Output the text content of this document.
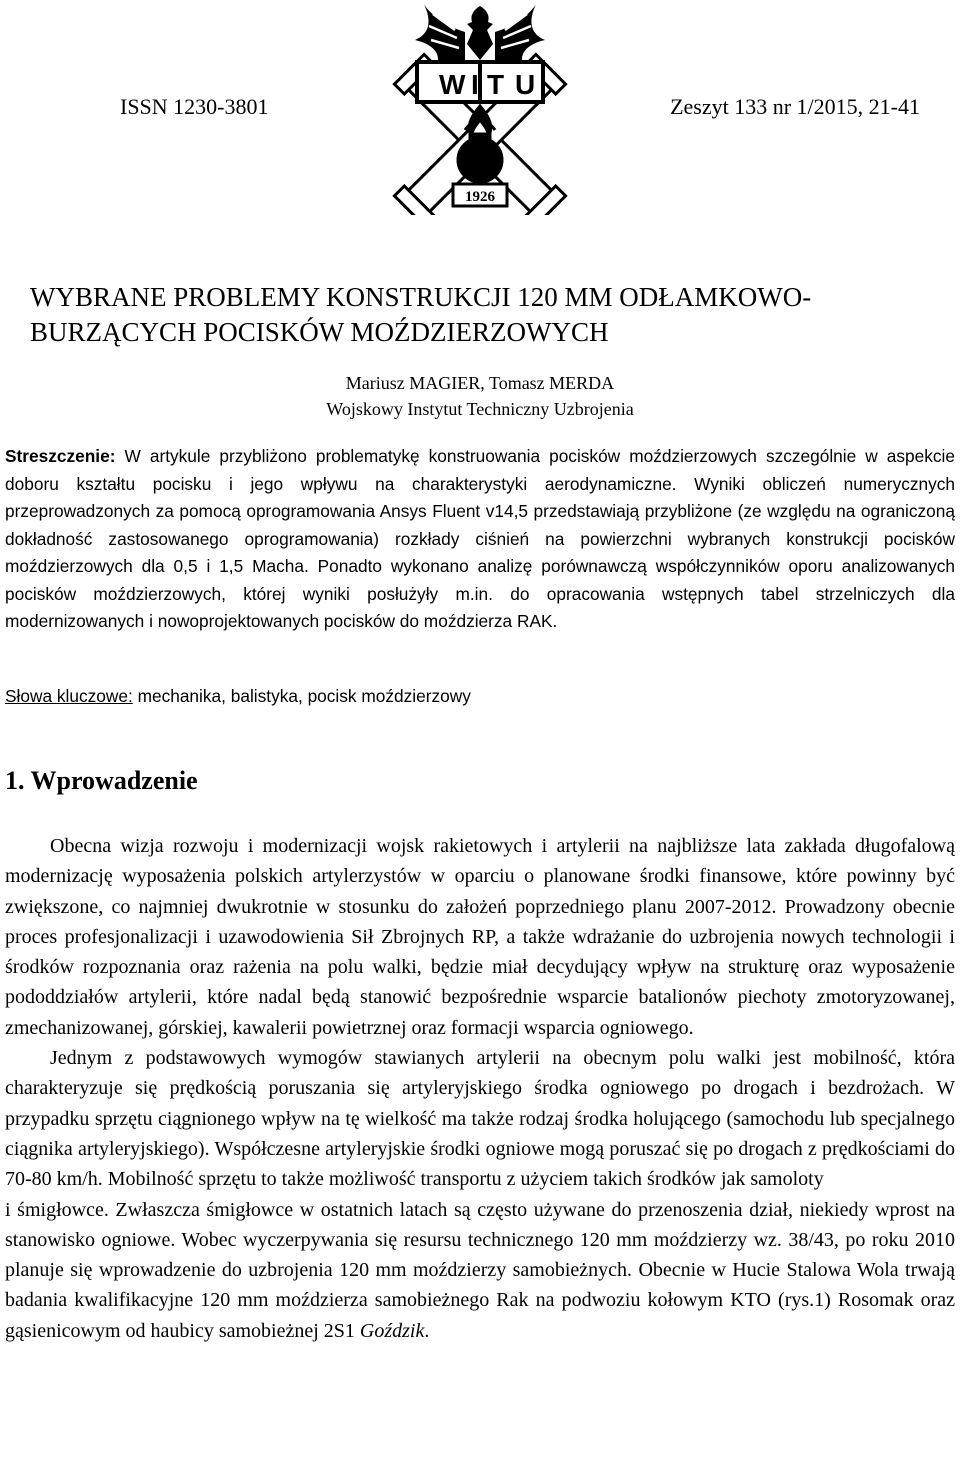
ISSN 1230-3801	Zeszyt 133 nr 1/2015, 21-41
W I T U
1926
WYBRANE PROBLEMY KONSTRUKCJI 120 MM ODŁAMKOWO-
BURZĄCYCH POCISKÓW MOŹDZIERZOWYCH
Mariusz MAGIER, Tomasz MERDA
Wojskowy Instytut Techniczny Uzbrojenia

Streszczenie: W artykule przybliżono problematykę konstruowania pocisków moździerzowych szczególnie w aspekcie doboru kształtu pocisku i jego wpływu na charakterystyki aerodynamiczne. Wyniki obliczeń numerycznych przeprowadzonych za pomocą oprogramowania Ansys Fluent v14,5 przedstawiają przybliżone (ze względu na ograniczoną dokładność zastosowanego oprogramowania) rozkłady ciśnień na powierzchni wybranych konstrukcji pocisków moździerzowych dla 0,5 i 1,5 Macha. Ponadto wykonano analizę porównawczą współczynników oporu analizowanych pocisków moździerzowych, której wyniki posłużyły m.in. do opracowania wstępnych tabel strzelniczych dla modernizowanych i nowoprojektowanych pocisków do moździerza RAK.

Słowa kluczowe: mechanika, balistyka, pocisk moździerzowy
1. Wprowadzenie

Obecna wizja rozwoju i modernizacji wojsk rakietowych i artylerii na najbliższe lata zakłada długofalową modernizację wyposażenia polskich artylerzystów w oparciu o planowane środki finansowe, które powinny być zwiększone, co najmniej dwukrotnie w stosunku do założeń poprzedniego planu 2007-2012. Prowadzony obecnie proces profesjonalizacji i uzawodowienia Sił Zbrojnych RP, a także wdrażanie do uzbrojenia nowych technologii i środków rozpoznania oraz rażenia na polu walki, będzie miał decydujący wpływ na strukturę oraz wyposażenie pododdziałów artylerii, które nadal będą stanowić bezpośrednie wsparcie batalionów piechoty zmotoryzowanej, zmechanizowanej, górskiej, kawalerii powietrznej oraz formacji wsparcia ogniowego.

Jednym z podstawowych wymogów stawianych artylerii na obecnym polu walki jest mobilność, która charakteryzuje się prędkością poruszania się artyleryjskiego środka ogniowego po drogach i bezdrożach. W przypadku sprzętu ciągnionego wpływ na tę wielkość ma także rodzaj środka holującego (samochodu lub specjalnego ciągnika artyleryjskiego). Współczesne artyleryjskie środki ogniowe mogą poruszać się po drogach z prędkościami do 70-80 km/h. Mobilność sprzętu to także możliwość transportu z użyciem takich środków jak samoloty

i śmigłowce. Zwłaszcza śmigłowce w ostatnich latach są często używane do przenoszenia dział, niekiedy wprost na stanowisko ogniowe. Wobec wyczerpywania się resursu technicznego 120 mm moździerzy wz. 38/43, po roku 2010 planuje się wprowadzenie do uzbrojenia 120 mm moździerzy samobieżnych. Obecnie w Hucie Stalowa Wola trwają badania kwalifikacyjne 120 mm moździerza samobieżnego Rak na podwoziu kołowym KTO (rys.1) Rosomak oraz gąsienicowym od haubicy samobieżnej 2S1 Goździk.
